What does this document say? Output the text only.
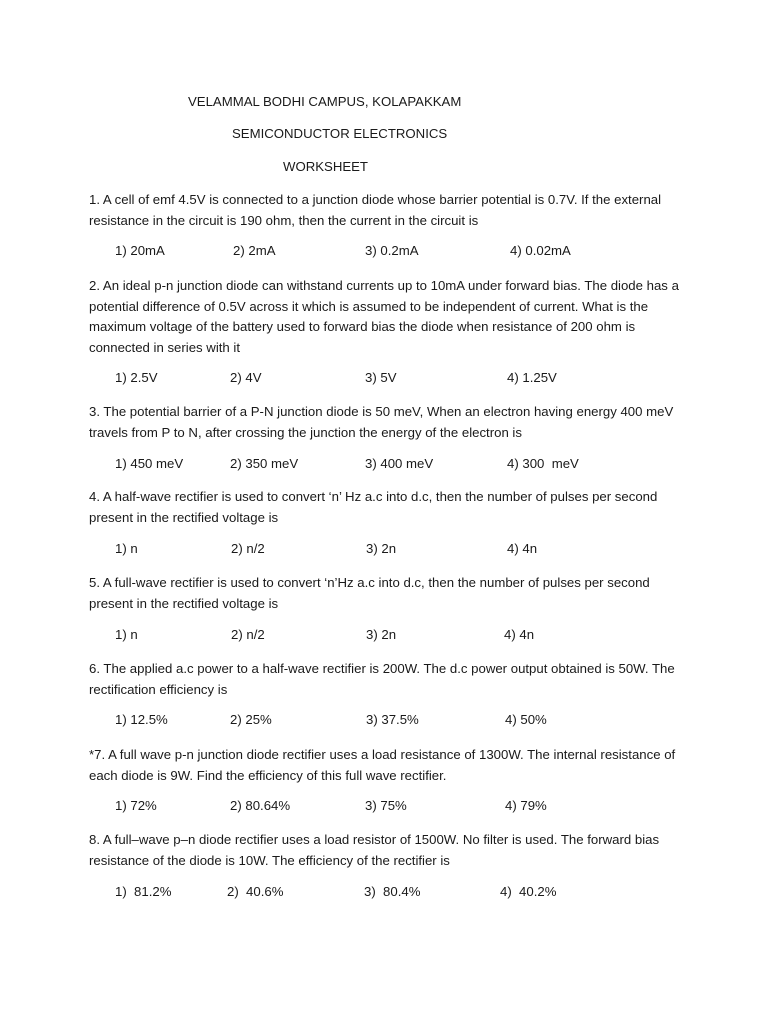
VELAMMAL BODHI CAMPUS, KOLAPAKKAM
SEMICONDUCTOR ELECTRONICS
WORKSHEET
1. A cell of emf 4.5V is connected to a junction diode whose barrier potential is 0.7V. If the external resistance in the circuit is 190 ohm, then the current in the circuit is
1) 20mA	2) 2mA	3) 0.2mA	4) 0.02mA
2. An ideal p-n junction diode can withstand currents up to 10mA under forward bias. The diode has a potential difference of 0.5V across it which is assumed to be independent of current. What is the maximum voltage of the battery used to forward bias the diode when resistance of 200 ohm is connected in series with it
1) 2.5V	2) 4V	3) 5V	4) 1.25V
3. The potential barrier of a P-N junction diode is 50 meV, When an electron having energy 400 meV travels from P to N, after crossing the junction the energy of the electron is
1) 450 meV	2) 350 meV	3) 400 meV	4) 300  meV
4. A half-wave rectifier is used to convert ‘n’ Hz a.c into d.c, then the number of pulses per second present in the rectified voltage is
1) n	2) n/2	3) 2n	4) 4n
5. A full-wave rectifier is used to convert ‘n’Hz a.c into d.c, then the number of pulses per second present in the rectified voltage is
1) n	2) n/2	3) 2n	4) 4n
6. The applied a.c power to a half-wave rectifier is 200W. The d.c power output obtained is 50W. The rectification efficiency is
1) 12.5%	2) 25%	3) 37.5%	4) 50%
*7. A full wave p-n junction diode rectifier uses a load resistance of 1300W. The internal resistance of each diode is 9W. Find the efficiency of this full wave rectifier.
1) 72%	2) 80.64%	3) 75%	4) 79%
8. A full–wave p–n diode rectifier uses a load resistor of 1500W. No filter is used. The forward bias resistance of the diode is 10W. The efficiency of the rectifier is
1)  81.2%	2)  40.6%	3)  80.4%	4)  40.2%
